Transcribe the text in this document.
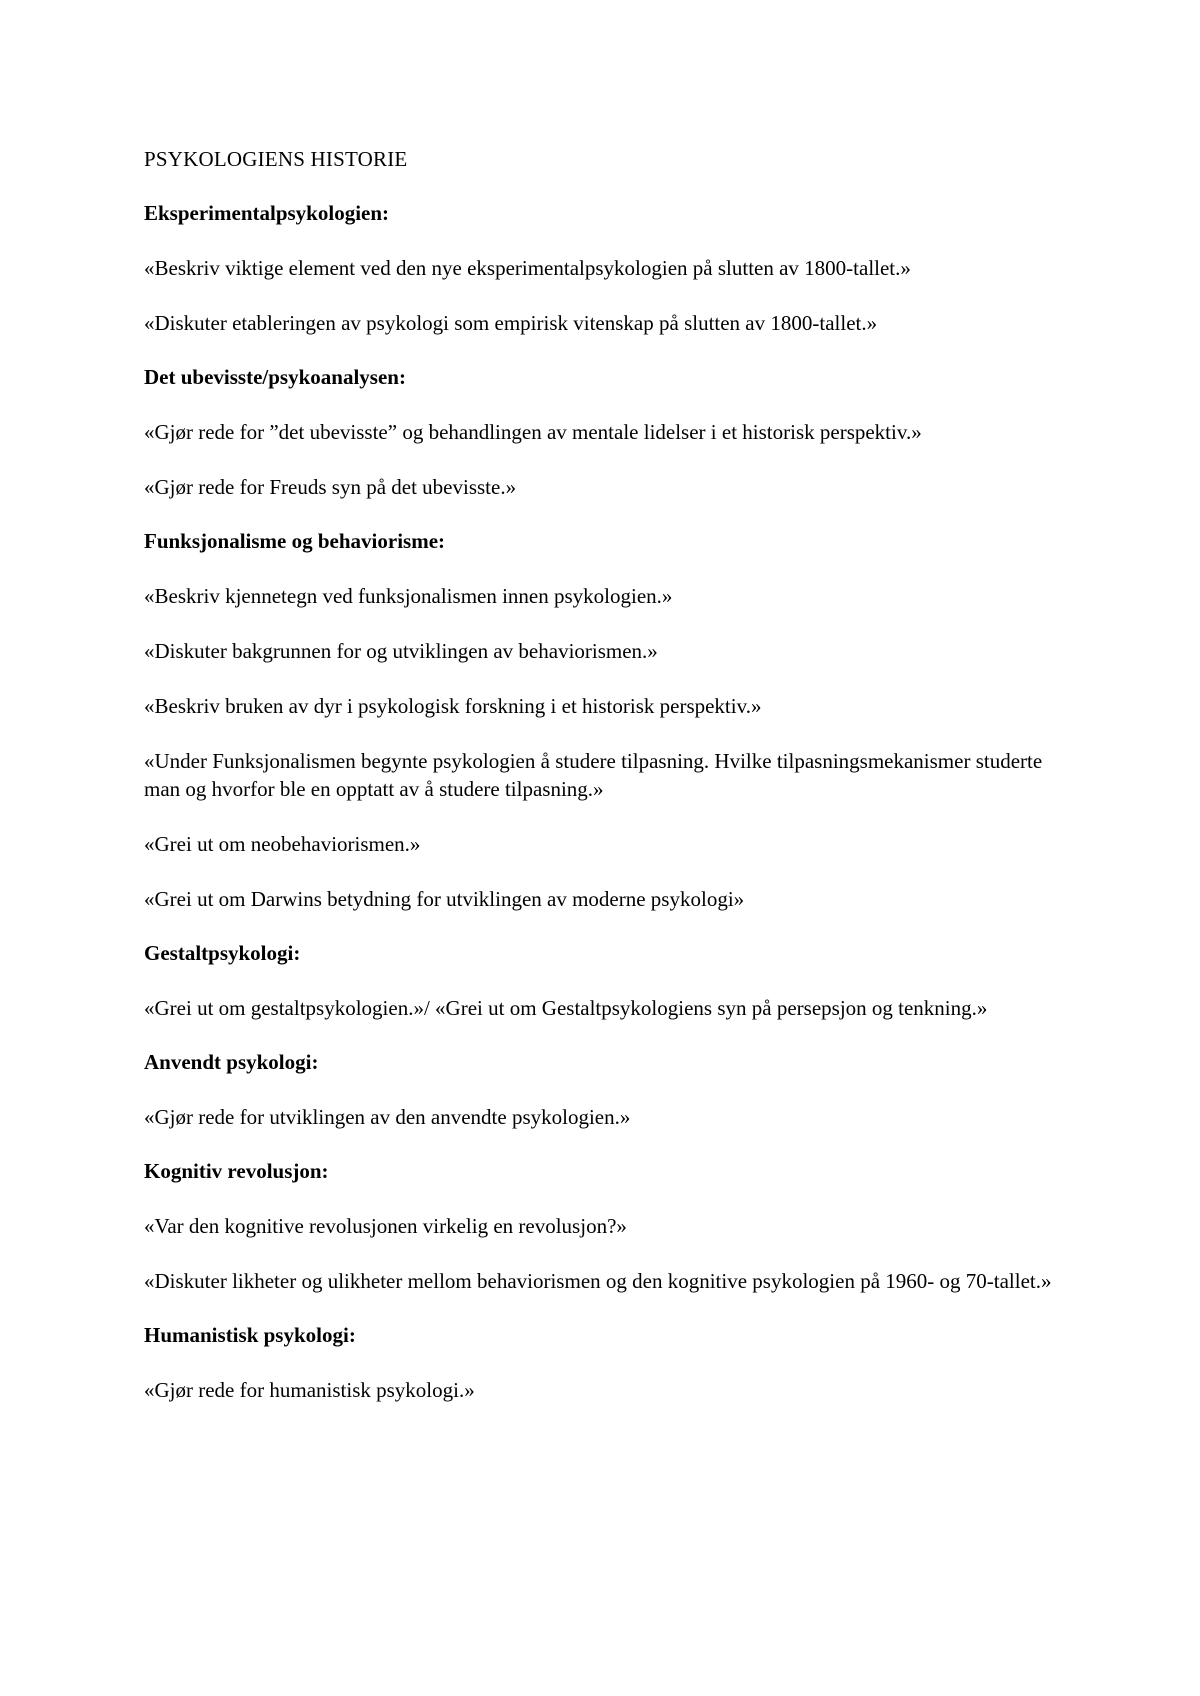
PSYKOLOGIENS HISTORIE

Eksperimentalpsykologien:

«Beskriv viktige element ved den nye eksperimentalpsykologien på slutten av 1800-tallet.»

«Diskuter etableringen av psykologi som empirisk vitenskap på slutten av 1800-tallet.»

Det ubevisste/psykoanalysen:

«Gjør rede for ”det ubevisste” og behandlingen av mentale lidelser i et historisk perspektiv.»

«Gjør rede for Freuds syn på det ubevisste.»

Funksjonalisme og behaviorisme:

«Beskriv kjennetegn ved funksjonalismen innen psykologien.»

«Diskuter bakgrunnen for og utviklingen av behaviorismen.»

«Beskriv bruken av dyr i psykologisk forskning i et historisk perspektiv.»

«Under Funksjonalismen begynte psykologien å studere tilpasning. Hvilke tilpasningsmekanismer studerte man og hvorfor ble en opptatt av å studere tilpasning.»

«Grei ut om neobehaviorismen.»

«Grei ut om Darwins betydning for utviklingen av moderne psykologi»

Gestaltpsykologi:

«Grei ut om gestaltpsykologien.»/ «Grei ut om Gestaltpsykologiens syn på persepsjon og tenkning.»

Anvendt psykologi:

«Gjør rede for utviklingen av den anvendte psykologien.»

Kognitiv revolusjon:

«Var den kognitive revolusjonen virkelig en revolusjon?»

«Diskuter likheter og ulikheter mellom behaviorismen og den kognitive psykologien på 1960- og 70-tallet.»

Humanistisk psykologi:

«Gjør rede for humanistisk psykologi.»
